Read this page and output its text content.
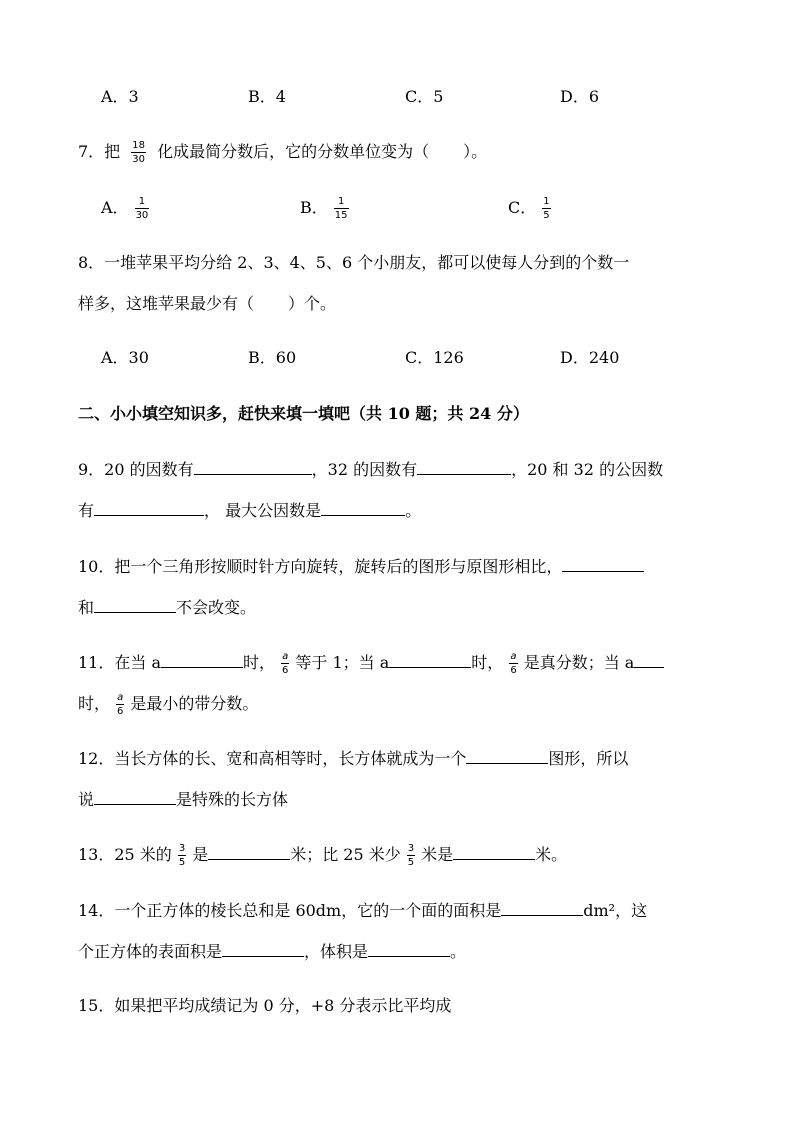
A．3	B．4	C．5	D．6
7．把 $\frac{18}{30}$ 化成最简分数后，它的分数单位变为（ ）。
A． $\frac{1}{30}$	B． $\frac{1}{15}$	C． $\frac{1}{5}$
8．一堆苹果平均分给 2、3、4、5、6 个小朋友，都可以使每人分到的个数一
样多，这堆苹果最少有（ ）个。
A．30	B．60	C．126	D．240
二、小小填空知识多，赶快来填一填吧（共 10 题；共 24 分）
9．20 的因数有	，32 的因数有	，20 和 32 的公因数
有	， 最大公因数是	。
10．把一个三角形按顺时针方向旋转，旋转后的图形与原图形相比，
和	不会改变。
11．在当 a	时， $\frac{a}{6}$ 等于 1；当 a	时， $\frac{a}{6}$ 是真分数；当 a
时， $\frac{a}{6}$ 是最小的带分数。
12．当长方体的长、宽和高相等时，长方体就成为一个	图形，所以
说	是特殊的长方体
13．25 米的 $\frac{3}{5}$ 是	米；比 25 米少 $\frac{3}{5}$ 米是	米。
14．一个正方体的棱长总和是 60dm，它的一个面的面积是	dm²，这
个正方体的表面积是	，体积是	。
15．如果把平均成绩记为 0 分，+8 分表示比平均成
